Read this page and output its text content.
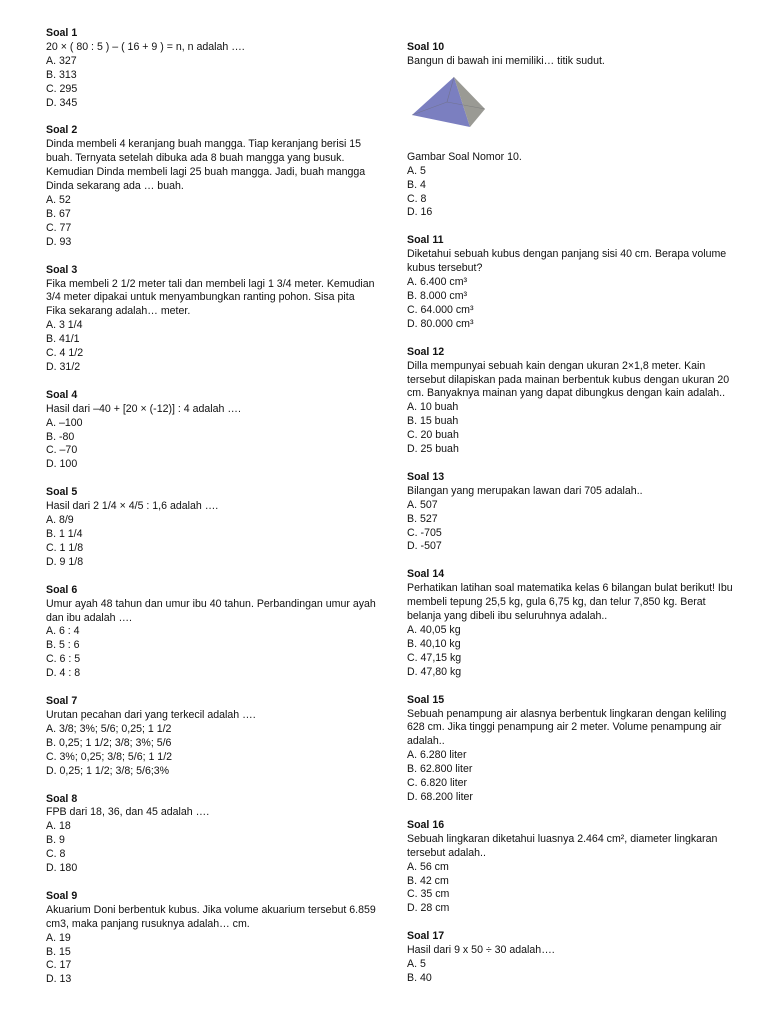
Soal 1

20 × ( 80 : 5 ) – ( 16 + 9 ) = n, n adalah ….

A. 327

B. 313

C. 295

D. 345

Soal 2

Dinda membeli 4 keranjang buah mangga. Tiap keranjang berisi 15 buah. Ternyata setelah dibuka ada 8 buah mangga yang busuk. Kemudian Dinda membeli lagi 25 buah mangga. Jadi, buah mangga Dinda sekarang ada … buah.

A. 52

B. 67

C. 77

D. 93

Soal 3

Fika membeli 2 1/2 meter tali dan membeli lagi 1 3/4 meter. Kemudian 3/4 meter dipakai untuk menyambungkan ranting pohon. Sisa pita Fika sekarang adalah… meter.

A. 3 1/4

B. 41/1

C. 4 1/2

D. 31/2

Soal 4

Hasil dari –40 + [20 × (-12)] : 4 adalah ….

A. –100

B. -80

C. –70

D. 100

Soal 5

Hasil dari 2 1/4 × 4/5 : 1,6 adalah ….

A. 8/9

B. 1 1/4

C. 1 1/8

D. 9 1/8

Soal 6

Umur ayah 48 tahun dan umur ibu 40 tahun. Perbandingan umur ayah dan ibu adalah ….

A. 6 : 4

B. 5 : 6

C. 6 : 5

D. 4 : 8

Soal 7

Urutan pecahan dari yang terkecil adalah ….

A. 3/8; 3%; 5/6; 0,25; 1 1/2

B. 0,25; 1 1/2; 3/8; 3%; 5/6

C. 3%; 0,25; 3/8; 5/6; 1 1/2

D. 0,25; 1 1/2; 3/8; 5/6;3%

Soal 8

FPB dari 18, 36, dan 45 adalah ….

A. 18

B. 9

C. 8

D. 180

Soal 9

Akuarium Doni berbentuk kubus. Jika volume akuarium tersebut 6.859 cm3, maka panjang rusuknya adalah… cm.

A. 19

B. 15

C. 17

D. 13

Soal 10

Bangun di bawah ini memiliki… titik sudut.

Gambar Soal Nomor 10.

A. 5

B. 4

C. 8

D. 16

Soal 11

Diketahui sebuah kubus dengan panjang sisi 40 cm. Berapa volume kubus tersebut?

A. 6.400 cm³

B. 8.000 cm³

C. 64.000 cm³

D. 80.000 cm³

Soal 12

Dilla mempunyai sebuah kain dengan ukuran 2×1,8 meter. Kain tersebut dilapiskan pada mainan berbentuk kubus dengan ukuran 20 cm. Banyaknya mainan yang dapat dibungkus dengan kain adalah..

A. 10 buah

B. 15 buah

C. 20 buah

D. 25 buah

Soal 13

Bilangan yang merupakan lawan dari 705 adalah..

A. 507

B. 527

C. -705

D. -507

Soal 14

Perhatikan latihan soal matematika kelas 6 bilangan bulat berikut! Ibu membeli tepung 25,5 kg, gula 6,75 kg, dan telur 7,850 kg. Berat belanja yang dibeli ibu seluruhnya adalah..

A. 40,05 kg

B. 40,10 kg

C. 47,15 kg

D. 47,80 kg

Soal 15

Sebuah penampung air alasnya berbentuk lingkaran dengan keliling 628 cm. Jika tinggi penampung air 2 meter. Volume penampung air adalah..

A. 6.280 liter

B. 62.800 liter

C. 6.820 liter

D. 68.200 liter

Soal 16

Sebuah lingkaran diketahui luasnya 2.464 cm², diameter lingkaran tersebut adalah..

A. 56 cm

B. 42 cm

C. 35 cm

D. 28 cm

Soal 17

Hasil dari 9 x 50 ÷ 30 adalah….

A. 5

B. 40
